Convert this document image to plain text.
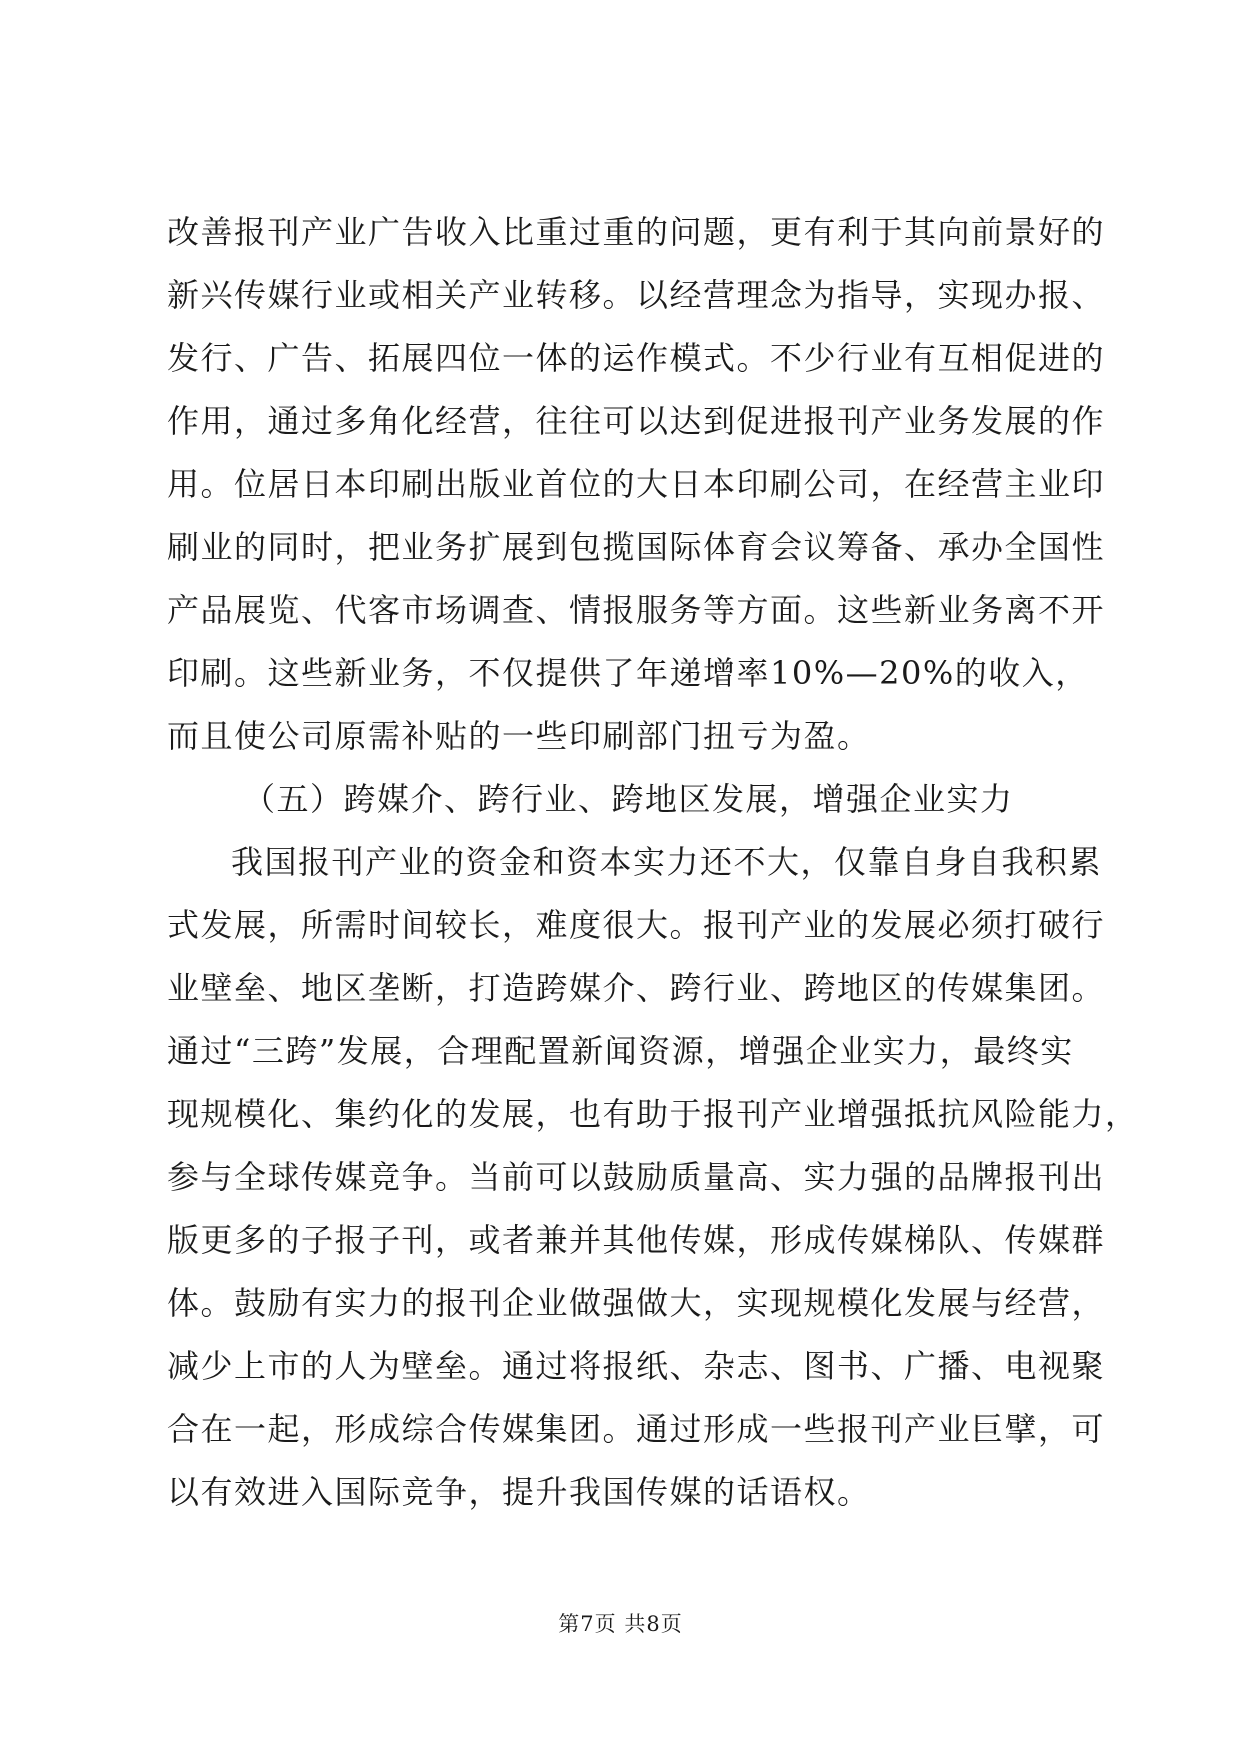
改善报刊产业广告收入比重过重的问题，更有利于其向前景好的
新兴传媒行业或相关产业转移。以经营理念为指导，实现办报、
发行、广告、拓展四位一体的运作模式。不少行业有互相促进的
作用，通过多角化经营，往往可以达到促进报刊产业务发展的作
用。位居日本印刷出版业首位的大日本印刷公司，在经营主业印
刷业的同时，把业务扩展到包揽国际体育会议筹备、承办全国性
产品展览、代客市场调查、情报服务等方面。这些新业务离不开
印刷。这些新业务，不仅提供了年递增率10%—20%的收入，
而且使公司原需补贴的一些印刷部门扭亏为盈。
（五）跨媒介、跨行业、跨地区发展，增强企业实力
我国报刊产业的资金和资本实力还不大，仅靠自身自我积累
式发展，所需时间较长，难度很大。报刊产业的发展必须打破行
业壁垒、地区垄断，打造跨媒介、跨行业、跨地区的传媒集团。
通过“三跨”发展，合理配置新闻资源，增强企业实力，最终实
现规模化、集约化的发展，也有助于报刊产业增强抵抗风险能力，
参与全球传媒竞争。当前可以鼓励质量高、实力强的品牌报刊出
版更多的子报子刊，或者兼并其他传媒，形成传媒梯队、传媒群
体。鼓励有实力的报刊企业做强做大，实现规模化发展与经营，
减少上市的人为壁垒。通过将报纸、杂志、图书、广播、电视聚
合在一起，形成综合传媒集团。通过形成一些报刊产业巨擘，可
以有效进入国际竞争，提升我国传媒的话语权。
第7页 共8页
